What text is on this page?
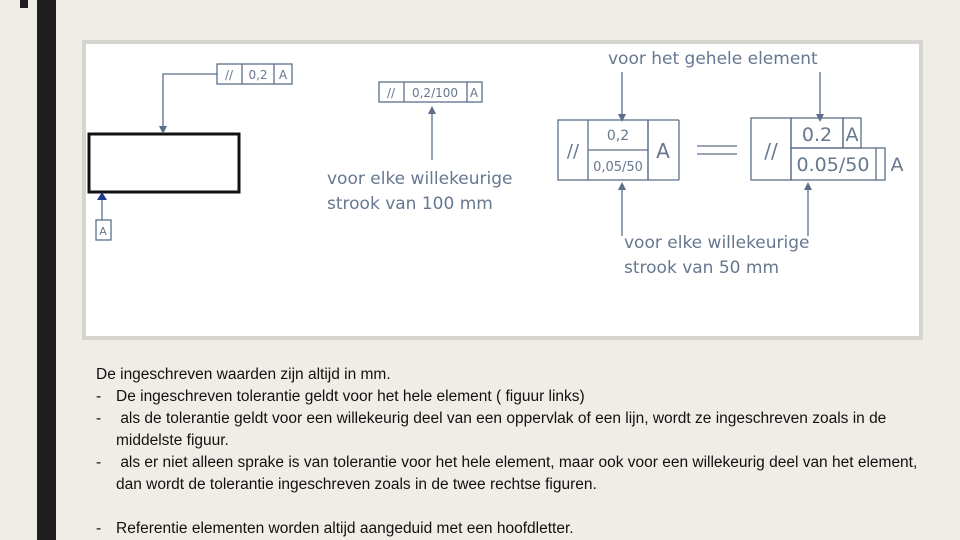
// 0,2 A
A
// 0,2/100 A
voor elke willekeurige
strook van 100 mm
voor het gehele element
//
0,2
0,05/50
A	//
0.2 A
0.05/50 A
voor elke willekeurige
strook van 50 mm
De ingeschreven waarden zijn altijd in mm.
- De ingeschreven tolerantie geldt voor het hele element ( figuur links)
- als de tolerantie geldt voor een willekeurig deel van een oppervlak of een lijn, wordt ze ingeschreven zoals in de middelste figuur.
- als er niet alleen sprake is van tolerantie voor het hele element, maar ook voor een willekeurig deel van het element, dan wordt de tolerantie ingeschreven zoals in de twee rechtse figuren.
- Referentie elementen worden altijd aangeduid met een hoofdletter.
